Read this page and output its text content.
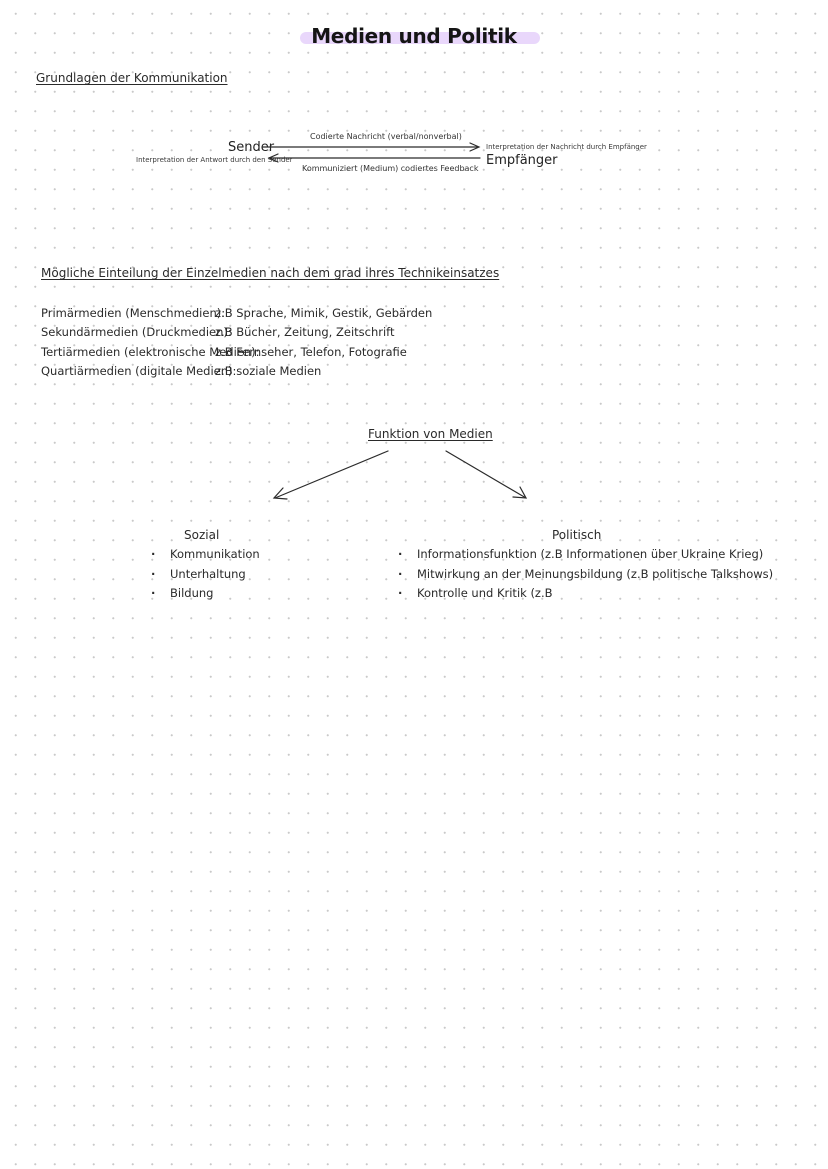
Medien und Politik
Grundlagen der Kommunikation
Sender
Interpretation der Antwort durch den Sender	Empfänger
Interpretation der Nachricht durch Empfänger
Codierte Nachricht (verbal/nonverbal)
Kommuniziert (Medium) codiertes Feedback
Mögliche Einteilung der Einzelmedien nach dem grad ihres Technikeinsatzes
Primärmedien (Menschmedien):z.B Sprache, Mimik, Gestik, Gebärden
Sekundärmedien (Druckmedien):z.B Bücher, Zeitung, Zeitschrift
Tertiärmedien (elektronische Medien):z.B Fernseher, Telefon, Fotografie
Quartiärmedien (digitale Medien):z.B soziale Medien
Funktion von Medien
Sozial
· Kommunikation
· Unterhaltung
· Bildung
Politisch
· Informationsfunktion (z.B Informationen über Ukraine Krieg)
· Mitwirkung an der Meinungsbildung (z.B politische Talkshows)
· Kontrolle und Kritik (z.B
